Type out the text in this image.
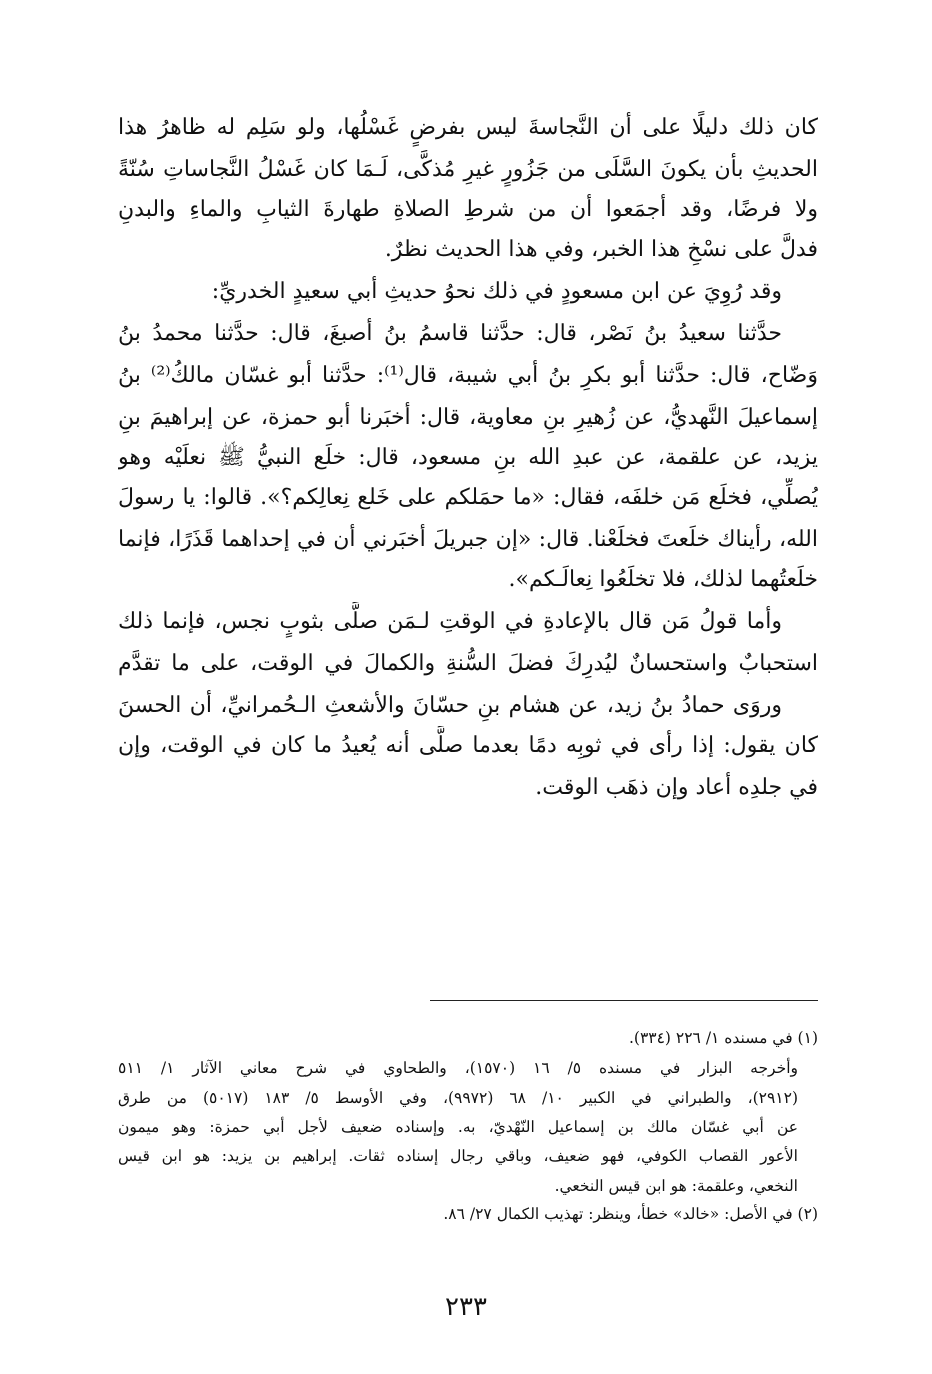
كان ذلك دليلًا على أن النَّجاسةَ ليس بفرضٍ غَسْلُها، ولو سَلِم له ظاهرُ هذا
الحديثِ بأن يكونَ السَّلَى من جَزُورٍ غيرِ مُذكًّى، لَـمَا كان غَسْلُ النَّجاساتِ سُنّةً
ولا فرضًا، وقد أجمَعوا أن من شرطِ الصلاةِ طهارةَ الثيابِ والماءِ والبدنِ
فدلَّ على نسْخِ هذا الخبر، وفي هذا الحديث نظرٌ.
وقد رُوِيَ عن ابن مسعودٍ في ذلك نحوُ حديثِ أبي سعيدٍ الخدريِّ:
حدَّثنا سعيدُ بنُ نَصْر، قال: حدَّثنا قاسمُ بنُ أصبغَ، قال: حدَّثنا محمدُ بنُ
وَضّاح، قال: حدَّثنا أبو بكرِ بنُ أبي شيبة، قال⁽¹⁾: حدَّثنا أبو غسّان مالكُ⁽²⁾ بنُ
إسماعيلَ النَّهديُّ، عن زُهيرِ بنِ معاوية، قال: أخبَرنا أبو حمزة، عن إبراهيمَ بنِ
يزيد، عن علقمة، عن عبدِ الله بنِ مسعود، قال: خلَع النبيُّ ﷺ نعلَيْه وهو
يُصلِّي، فخلَع مَن خلفَه، فقال: «ما حمَلكم على خَلع نِعالِكم؟». قالوا: يا رسولَ
الله، رأيناك خلَعتَ فخلَعْنا. قال: «إن جبريلَ أخبَرني أن في إحداهما قَذَرًا، فإنما
خلَعتُهما لذلك، فلا تخلَعُوا نِعالَـكم».
وأما قولُ مَن قال بالإعادةِ في الوقتِ لـمَن صلَّى بثوبٍ نجس، فإنما ذلك
استحبابٌ واستحسانٌ ليُدرِكَ فضلَ السُّنةِ والكمالَ في الوقت، على ما تقدَّم
وروَى حمادُ بنُ زيد، عن هشام بنِ حسّانَ والأشعثِ الـحُمرانيِّ، أن الحسنَ
كان يقول: إذا رأى في ثوبِه دمًا بعدما صلَّى أنه يُعيدُ ما كان في الوقت، وإن
في جلدِه أعاد وإن ذهَب الوقت.
(١) في مسنده ١/ ٢٢٦ (٣٣٤).
وأخرجه البزار في مسنده ٥/ ١٦ (١٥٧٠)، والطحاوي في شرح معاني الآثار ١/ ٥١١
(٢٩١٢)، والطبراني في الكبير ١٠/ ٦٨ (٩٩٧٢)، وفي الأوسط ٥/ ١٨٣ (٥٠١٧) من طرق
عن أبي غسّان مالك بن إسماعيل النّهْديّ، به. وإسناده ضعيف لأجل أبي حمزة: وهو ميمون
الأعور القصاب الكوفي، فهو ضعيف، وباقي رجال إسناده ثقات. إبراهيم بن يزيد: هو ابن قيس
النخعي، وعلقمة: هو ابن قيس النخعي.
(٢) في الأصل: «خالد» خطأ، وينظر: تهذيب الكمال ٢٧/ ٨٦.
٢٣٣
